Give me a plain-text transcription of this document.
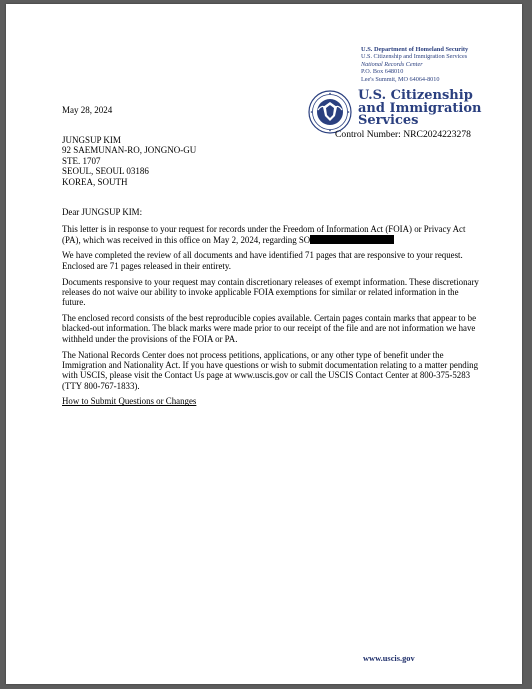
U.S. Department of Homeland Security
U.S. Citizenship and Immigration Services
National Records Center
P.O. Box 648010
Lee's Summit, MO 64064-8010
U.S. Citizenship
and Immigration
Services
Control Number: NRC2024223278
May 28, 2024
JUNGSUP KIM
92 SAEMUNAN-RO, JONGNO-GU
STE. 1707
SEOUL, SEOUL 03186
KOREA, SOUTH

Dear JUNGSUP KIM:

This letter is in response to your request for records under the Freedom of Information Act (FOIA) or Privacy Act (PA), which was received in this office on May 2, 2024, regarding SO

We have completed the review of all documents and have identified 71 pages that are responsive to your request. Enclosed are 71 pages released in their entirety.

Documents responsive to your request may contain discretionary releases of exempt information. These discretionary releases do not waive our ability to invoke applicable FOIA exemptions for similar or related information in the future.

The enclosed record consists of the best reproducible copies available. Certain pages contain marks that appear to be blacked-out information. The black marks were made prior to our receipt of the file and are not information we have withheld under the provisions of the FOIA or PA.

The National Records Center does not process petitions, applications, or any other type of benefit under the Immigration and Nationality Act. If you have questions or wish to submit documentation relating to a matter pending with USCIS, please visit the Contact Us page at www.uscis.gov or call the USCIS Contact Center at 800-375-5283 (TTY 800-767-1833).

How to Submit Questions or Changes

www.uscis.gov
